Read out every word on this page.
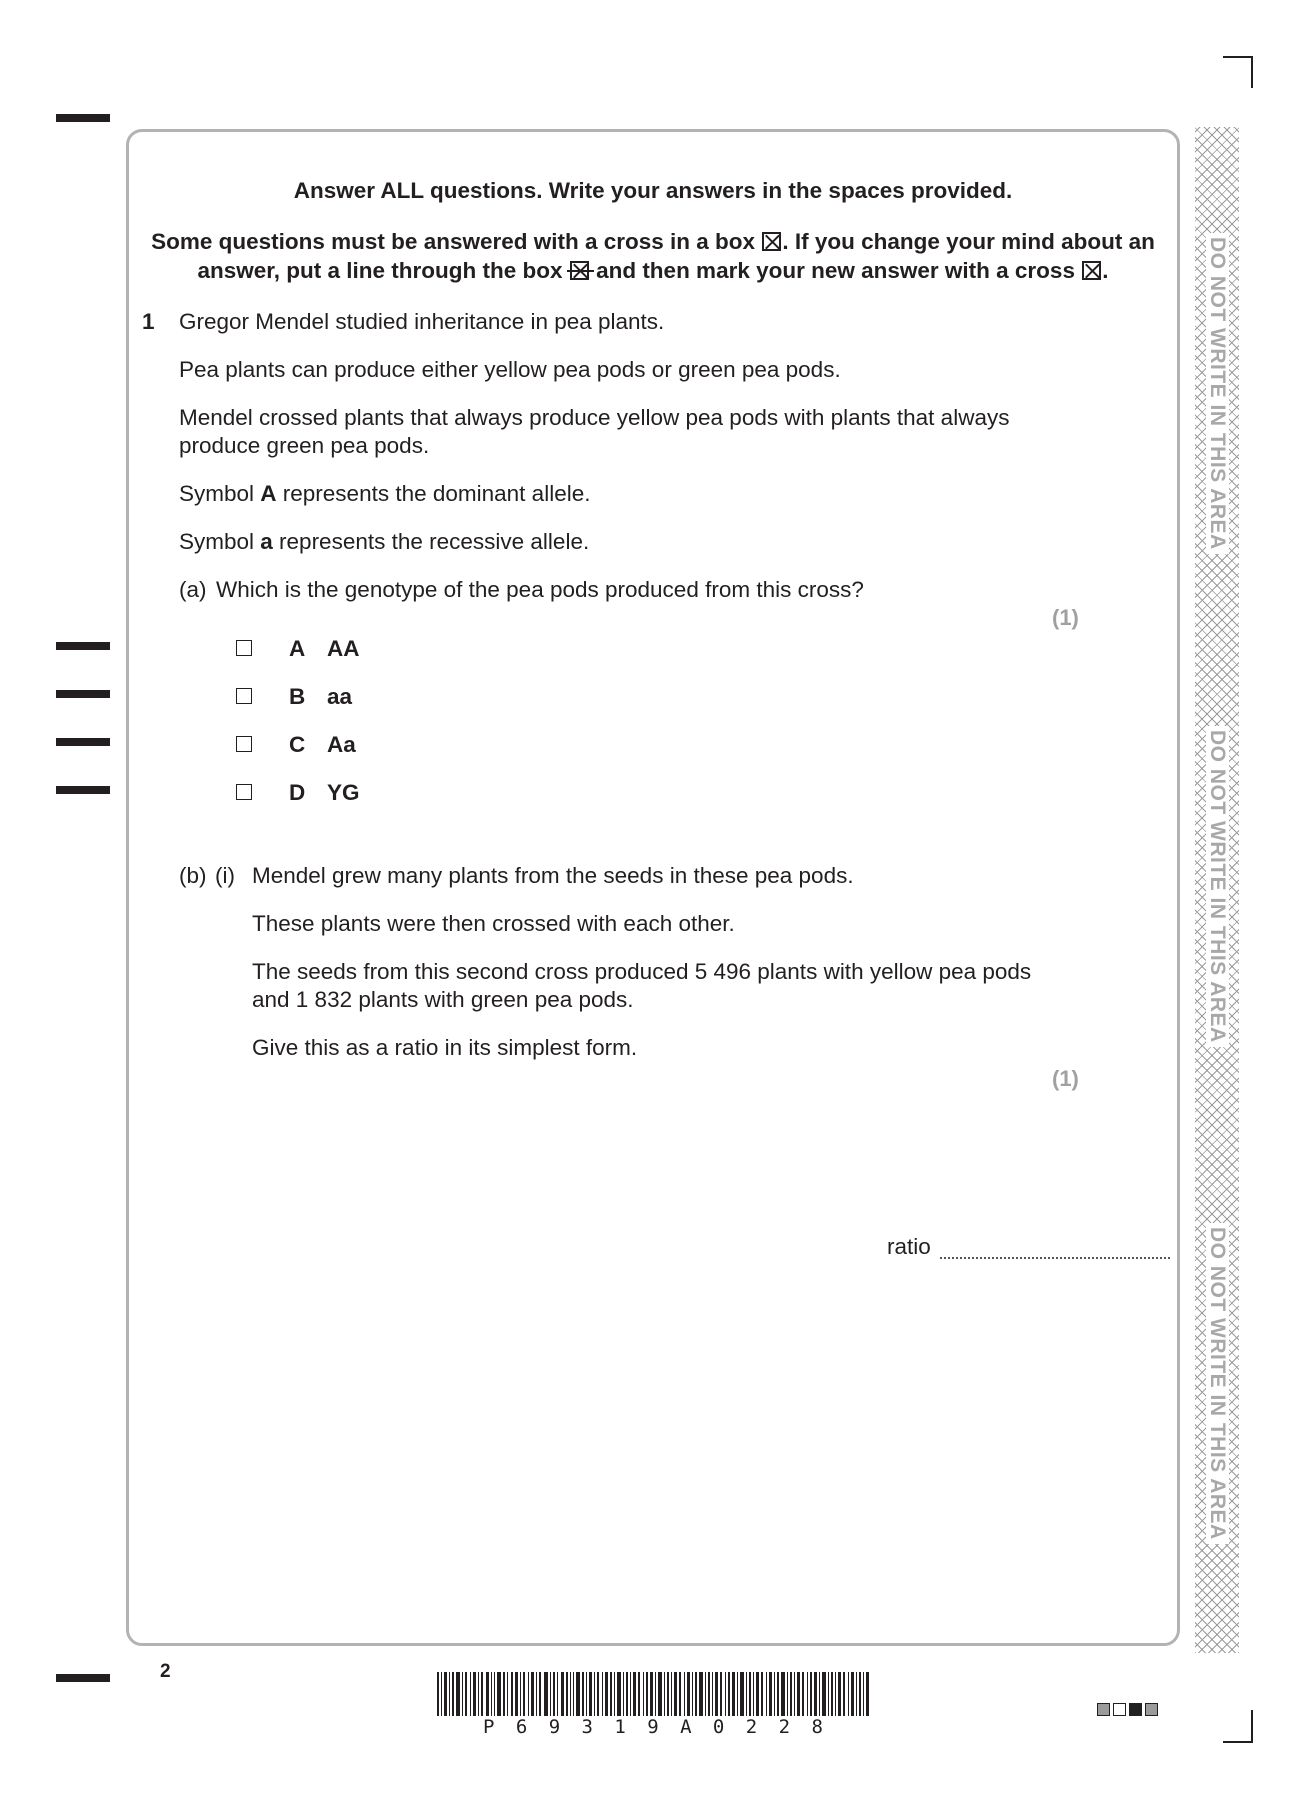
DO NOT WRITE IN THIS AREA
DO NOT WRITE IN THIS AREA
DO NOT WRITE IN THIS AREA
Answer ALL questions. Write your answers in the spaces provided.
Some questions must be answered with a cross in a box ☒. If you change your mind about an
answer, put a line through the box and then mark your new answer with a cross ☒.
1 Gregor Mendel studied inheritance in pea plants.
Pea plants can produce either yellow pea pods or green pea pods.
Mendel crossed plants that always produce yellow pea pods with plants that always
produce green pea pods.
Symbol A represents the dominant allele.
Symbol a represents the recessive allele.
(a) Which is the genotype of the pea pods produced from this cross?
(1)
A AA
B aa
C Aa
D YG
(b) (i) Mendel grew many plants from the seeds in these pea pods.
These plants were then crossed with each other.
The seeds from this second cross produced 5 496 plants with yellow pea pods
and 1 832 plants with green pea pods.
Give this as a ratio in its simplest form.
(1)
ratio
2
P 6 9 3 1 9 A 0 2 2 8
